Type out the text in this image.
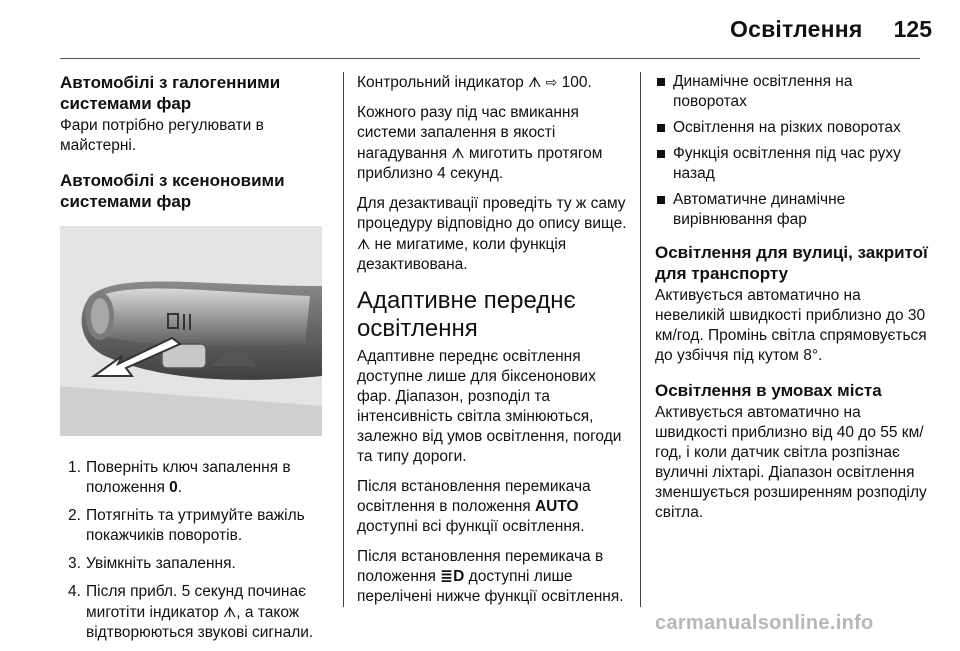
Освітлення	125
Автомобілі з галогенними системами фар

Фари потрібно регулювати в майстерні.

Автомобілі з ксеноновими системами фар
1. Поверніть ключ запалення в положення 0.
2. Потягніть та утримуйте важіль покажчиків поворотів.
3. Увімкніть запалення.
4. Після прибл. 5 секунд починає миготіти індикатор ᗑ, а також відтворюються звукові сигнали.

Контрольний індикатор ᗑ ⇨ 100.

Кожного разу під час вмикання системи запалення в якості нагадування ᗑ миготить протягом приблизно 4 секунд.

Для дезактивації проведіть ту ж саму процедуру відповідно до опису вище. ᗑ не мигатиме, коли функція дезактивована.

Адаптивне переднє освітлення

Адаптивне переднє освітлення доступне лише для біксенонових фар. Діапазон, розподіл та інтенсивність світла змінюються, залежно від умов освітлення, погоди та типу дороги.

Після встановлення перемикача освітлення в положення AUTO доступні всі функції освітлення.

Після встановлення перемикача в положення ≣D доступні лише перелічені нижче функції освітлення.

Динамічне освітлення на поворотах
Освітлення на різких поворотах
Функція освітлення під час руху назад
Автоматичне динамічне вирівнювання фар
Освітлення для вулиці, закритої для транспорту

Активується автоматично на невеликій швидкості приблизно до 30 км/год. Промінь світла спрямовується до узбіччя під кутом 8°.

Освітлення в умовах міста

Активується автоматично на швидкості приблизно від 40 до 55 км/год, і коли датчик світла розпізнає вуличні ліхтарі. Діапазон освітлення зменшується розширенням розподілу світла.

carmanualsonline.info
